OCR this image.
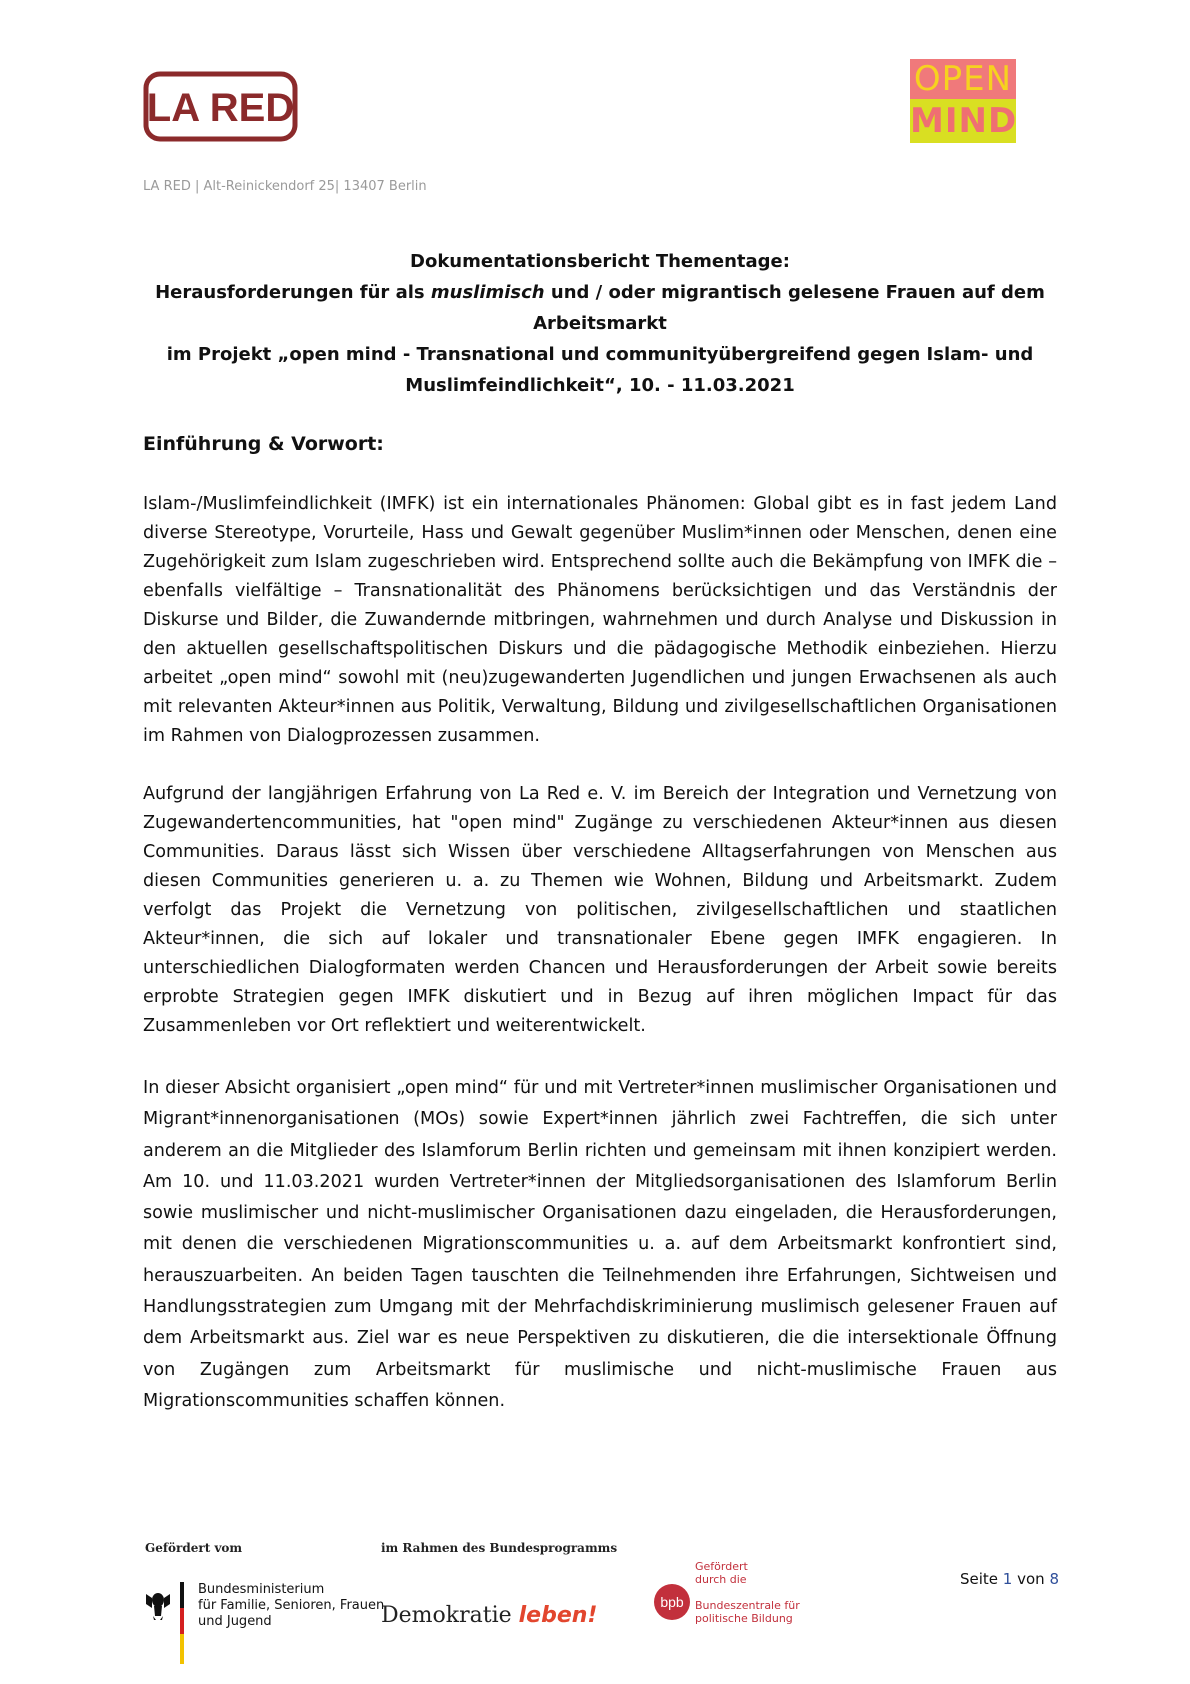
LA RED
OPEN
MIND
LA RED | Alt-Reinickendorf 25| 13407 Berlin
Dokumentationsbericht Thementage:
Herausforderungen für als muslimisch und / oder migrantisch gelesene Frauen auf dem
Arbeitsmarkt
im Projekt „open mind - Transnational und communityübergreifend gegen Islam- und
Muslimfeindlichkeit“, 10. - 11.03.2021
Einführung & Vorwort:
Islam-/Muslimfeindlichkeit (IMFK) ist ein internationales Phänomen: Global gibt es in fast jedem Land diverse Stereotype, Vorurteile, Hass und Gewalt gegenüber Muslim*innen oder Menschen, denen eine Zugehörigkeit zum Islam zugeschrieben wird. Entsprechend sollte auch die Bekämpfung von IMFK die – ebenfalls vielfältige – Transnationalität des Phänomens berücksichtigen und das Verständnis der Diskurse und Bilder, die Zuwandernde mitbringen, wahrnehmen und durch Analyse und Diskussion in den aktuellen gesellschaftspolitischen Diskurs und die pädagogische Methodik einbeziehen. Hierzu arbeitet „open mind“ sowohl mit (neu)zugewanderten Jugendlichen und jungen Erwachsenen als auch mit relevanten Akteur*innen aus Politik, Verwaltung, Bildung und zivilgesellschaftlichen Organisationen im Rahmen von Dialogprozessen zusammen.
Aufgrund der langjährigen Erfahrung von La Red e. V. im Bereich der Integration und Vernetzung von Zugewandertencommunities, hat "open mind" Zugänge zu verschiedenen Akteur*innen aus diesen Communities. Daraus lässt sich Wissen über verschiedene Alltagserfahrungen von Menschen aus diesen Communities generieren u. a. zu Themen wie Wohnen, Bildung und Arbeitsmarkt. Zudem verfolgt das Projekt die Vernetzung von politischen, zivilgesellschaftlichen und staatlichen Akteur*innen, die sich auf lokaler und transnationaler Ebene gegen IMFK engagieren. In unterschiedlichen Dialogformaten werden Chancen und Herausforderungen der Arbeit sowie bereits erprobte Strategien gegen IMFK diskutiert und in Bezug auf ihren möglichen Impact für das Zusammenleben vor Ort reflektiert und weiterentwickelt.
In dieser Absicht organisiert „open mind“ für und mit Vertreter*innen muslimischer Organisationen und Migrant*innenorganisationen (MOs) sowie Expert*innen jährlich zwei Fachtreffen, die sich unter anderem an die Mitglieder des Islamforum Berlin richten und gemeinsam mit ihnen konzipiert werden. Am 10. und 11.03.2021 wurden Vertreter*innen der Mitgliedsorganisationen des Islamforum Berlin sowie muslimischer und nicht-muslimischer Organisationen dazu eingeladen, die Herausforderungen, mit denen die verschiedenen Migrationscommunities u. a. auf dem Arbeitsmarkt konfrontiert sind, herauszuarbeiten. An beiden Tagen tauschten die Teilnehmenden ihre Erfahrungen, Sichtweisen und Handlungsstrategien zum Umgang mit der Mehrfachdiskriminierung muslimisch gelesener Frauen auf dem Arbeitsmarkt aus. Ziel war es neue Perspektiven zu diskutieren, die die intersektionale Öffnung von Zugängen zum Arbeitsmarkt für muslimische und nicht-muslimische Frauen aus Migrationscommunities schaffen können.
Gefördert vom	im Rahmen des Bundesprogramms
Bundesministerium
für Familie, Senioren, Frauen
und Jugend	Demokratie leben!
bpb
Gefördert
durch die
Bundeszentrale für
politische Bildung
Seite 1 von 8
